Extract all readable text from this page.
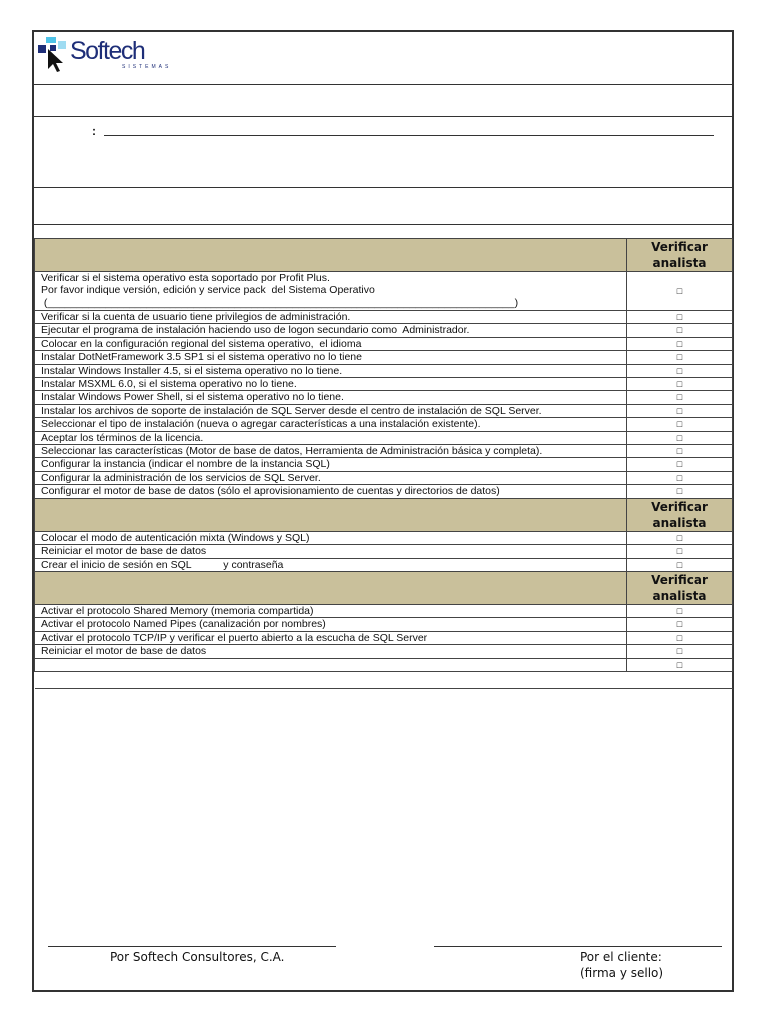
Softech
SISTEMAS
:
	Verificar analista

Verificar si el sistema operativo esta soportado por Profit Plus.
Por favor indique versión, edición y service pack  del Sistema Operativo
(________________________________________________________________________________)	□

Verificar si la cuenta de usuario tiene privilegios de administración.	□

Ejecutar el programa de instalación haciendo uso de logon secundario como  Administrador.	□

Colocar en la configuración regional del sistema operativo,  el idioma	□

Instalar DotNetFramework 3.5 SP1 si el sistema operativo no lo tiene	□

Instalar Windows Installer 4.5, si el sistema operativo no lo tiene.	□

Instalar MSXML 6.0, si el sistema operativo no lo tiene.	□

Instalar Windows Power Shell, si el sistema operativo no lo tiene.	□

Instalar los archivos de soporte de instalación de SQL Server desde el centro de instalación de SQL Server.	□

Seleccionar el tipo de instalación (nueva o agregar características a una instalación existente).	□

Aceptar los términos de la licencia.	□

Seleccionar las características (Motor de base de datos, Herramienta de Administración básica y completa).	□

Configurar la instancia (indicar el nombre de la instancia SQL)	□

Configurar la administración de los servicios de SQL Server.	□

Configurar el motor de base de datos (sólo el aprovisionamiento de cuentas y directorios de datos)	□
	Verificar analista

Colocar el modo de autenticación mixta (Windows y SQL)	□

Reiniciar el motor de base de datos	□

Crear el inicio de sesión en SQL           y contraseña	□
	Verificar analista

Activar el protocolo Shared Memory (memoria compartida)	□

Activar el protocolo Named Pipes (canalización por nombres)	□

Activar el protocolo TCP/IP y verificar el puerto abierto a la escucha de SQL Server	□

Reiniciar el motor de base de datos	□

	□

Por Softech Consultores, C.A.	Por el cliente:
(firma y sello)
